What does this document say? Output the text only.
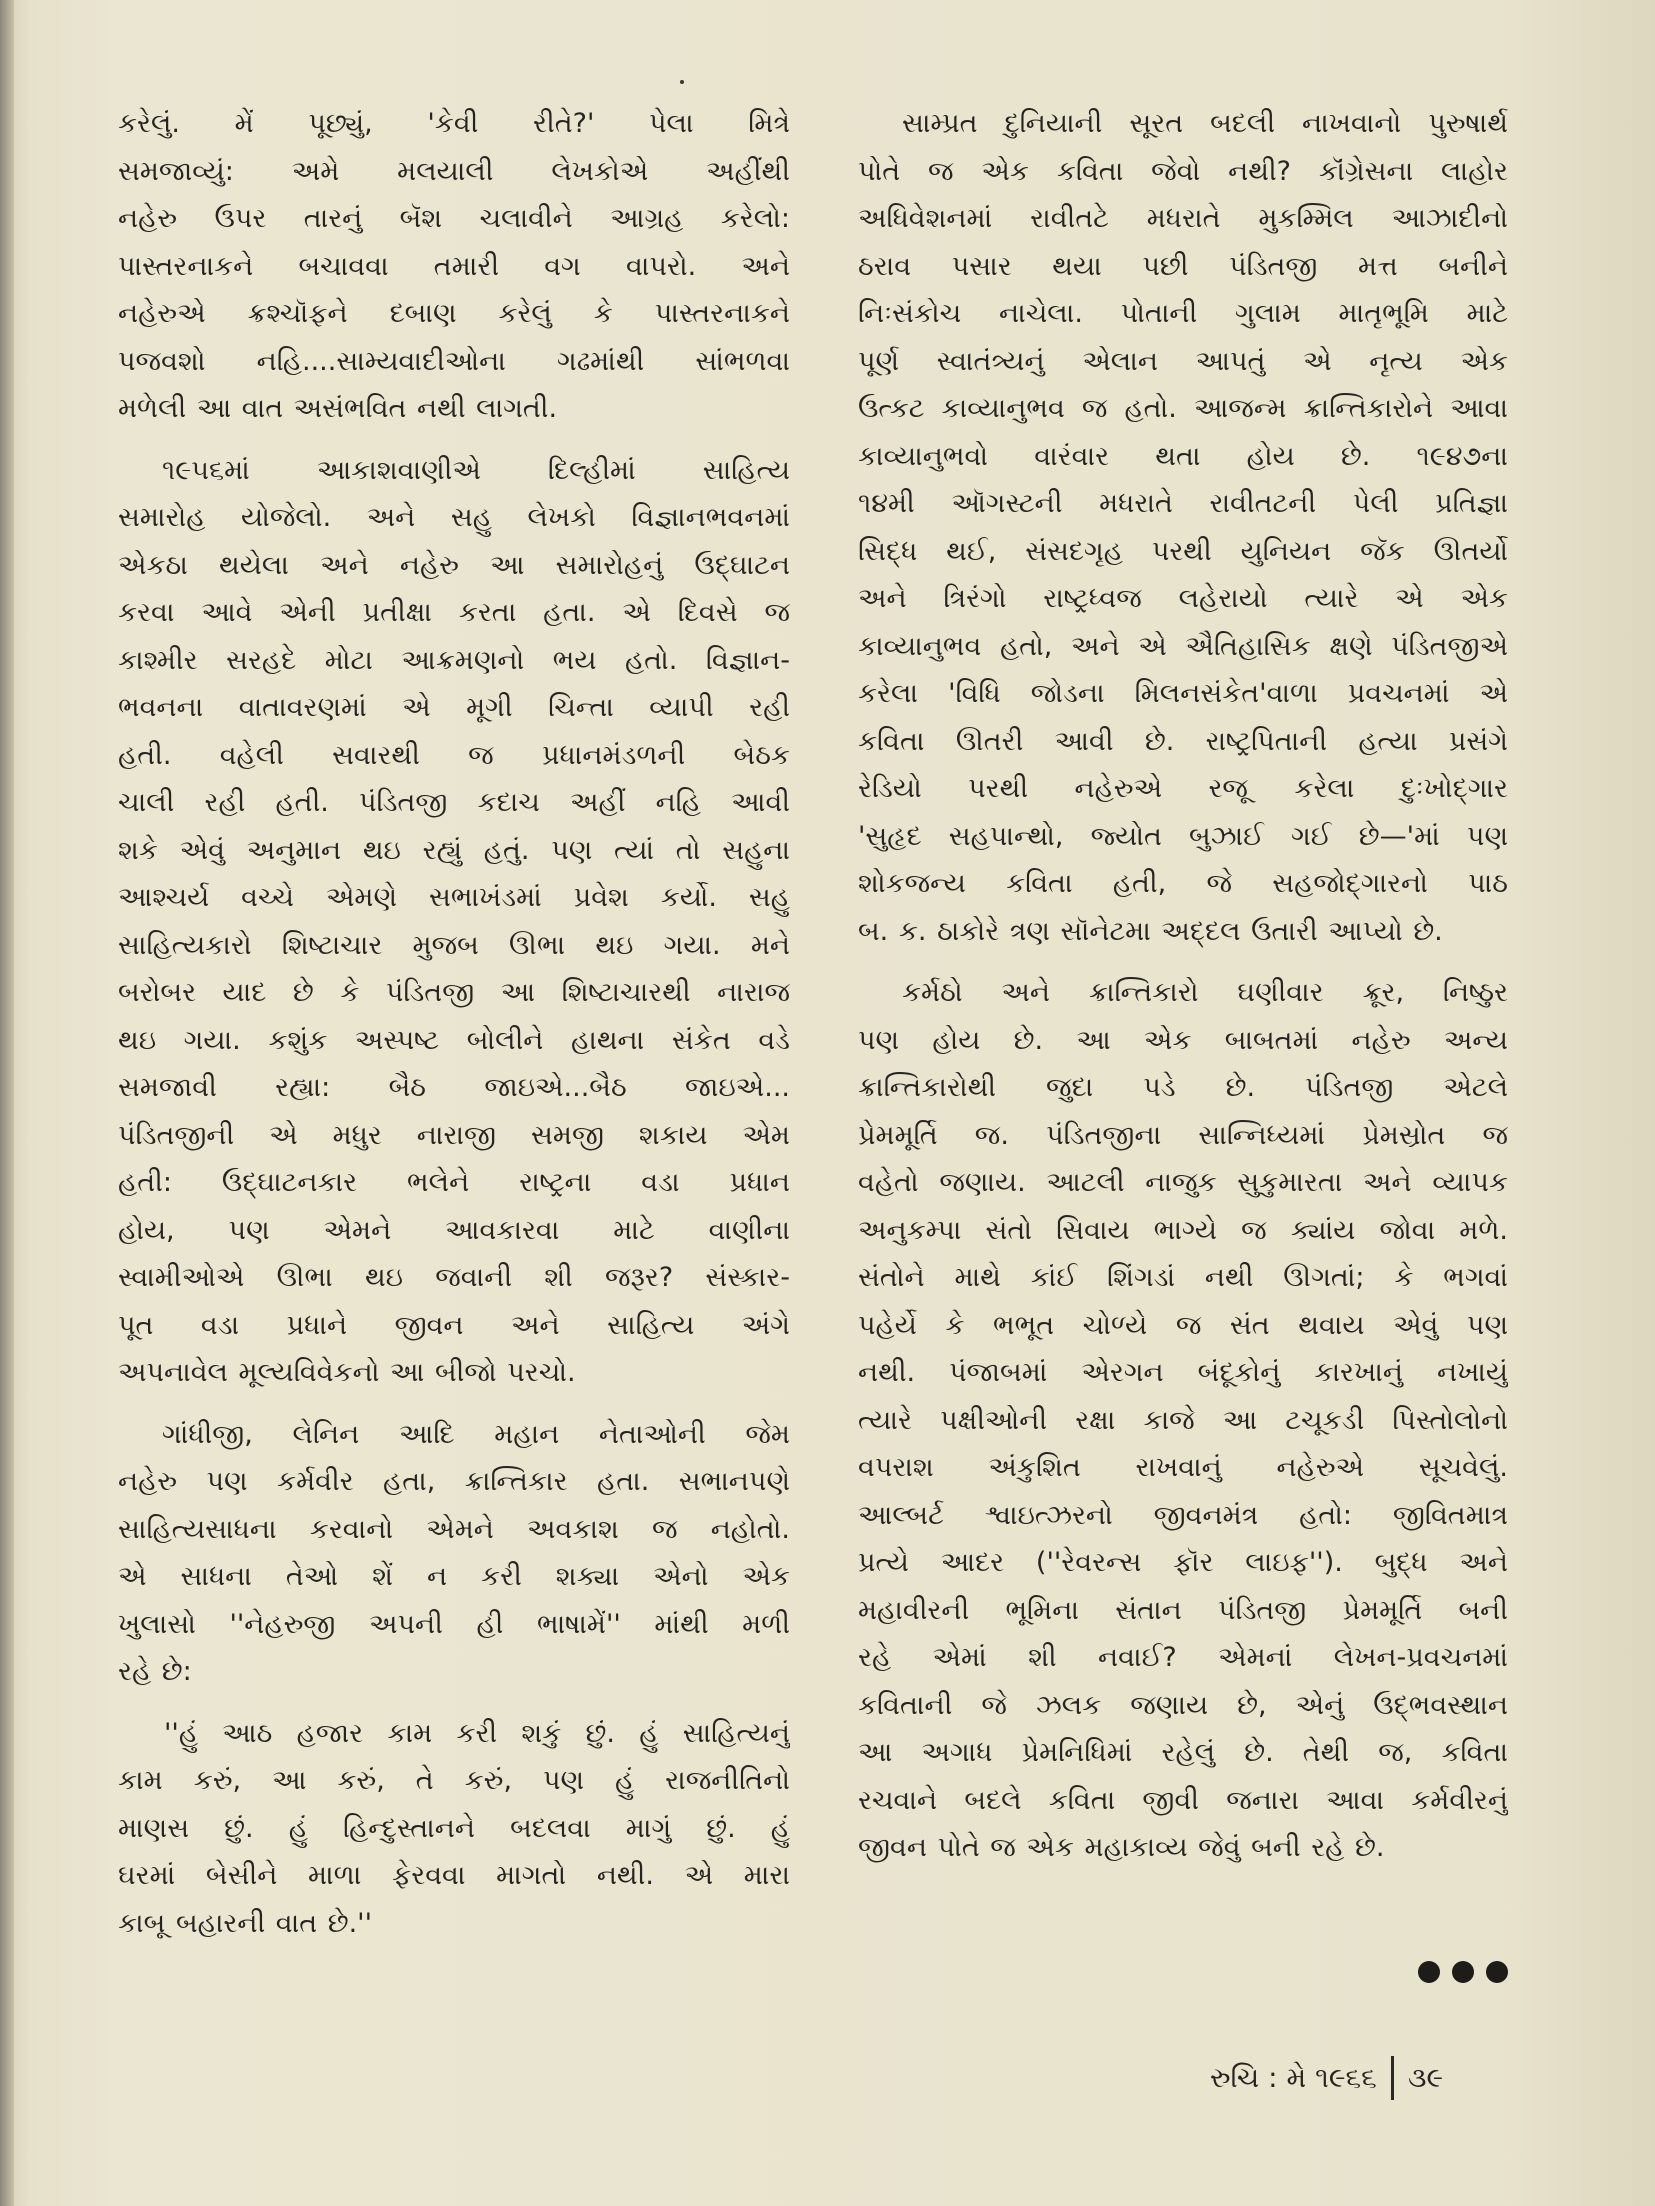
કરેલું. મેં પૂછ્યું, 'કેવી રીતે?' પેલા મિત્રે
સમજાવ્યું: અમે મલયાલી લેખકોએ અહીંથી
નહેરુ ઉપર તારનું બૅશ ચલાવીને આગ્રહ કરેલો:
પાસ્તરનાકને બચાવવા તમારી વગ વાપરો. અને
નહેરુએ ક્રશ્ચૉફને દબાણ કરેલું કે પાસ્તરનાકને
પજવશો નહિ....સામ્યવાદીઓના ગઢમાંથી સાંભળવા
મળેલી આ વાત અસંભવિત નથી લાગતી.
૧૯૫૬માં આકાશવાણીએ દિલ્હીમાં સાહિત્ય
સમારોહ યોજેલો. અને સહુ લેખકો વિજ્ઞાનભવનમાં
એકઠા થયેલા અને નહેરુ આ સમારોહનું ઉદ્ઘાટન
કરવા આવે એની પ્રતીક્ષા કરતા હતા. એ દિવસે જ
કાશ્મીર સરહદે મોટા આક્રમણનો ભય હતો. વિજ્ઞાન-
ભવનના વાતાવરણમાં એ મૂગી ચિન્તા વ્યાપી રહી
હતી. વહેલી સવારથી જ પ્રધાનમંડળની બેઠક
ચાલી રહી હતી. પંડિતજી કદાચ અહીં નહિ આવી
શકે એવું અનુમાન થઇ રહ્યું હતું. પણ ત્યાં તો સહુના
આશ્ચર્ય વચ્ચે એમણે સભાખંડમાં પ્રવેશ કર્યો. સહુ
સાહિત્યકારો શિષ્ટાચાર મુજબ ઊભા થઇ ગયા. મને
બરોબર યાદ છે કે પંડિતજી આ શિષ્ટાચારથી નારાજ
થઇ ગયા. કશુંક અસ્પષ્ટ બોલીને હાથના સંકેત વડે
સમજાવી રહ્યા: બૈઠ જાઇએ...બૈઠ જાઇએ...
પંડિતજીની એ મધુર નારાજી સમજી શકાય એમ
હતી: ઉદ્ઘાટનકાર ભલેને રાષ્ટ્રના વડા પ્રધાન
હોય, પણ એમને આવકારવા માટે વાણીના
સ્વામીઓએ ઊભા થઇ જવાની શી જરૂર? સંસ્કાર-
પૂત વડા પ્રધાને જીવન અને સાહિત્ય અંગે
અપનાવેલ મૂલ્યવિવેકનો આ બીજો પરચો.
ગાંધીજી, લેનિન આદિ મહાન નેતાઓની જેમ
નહેરુ પણ કર્મવીર હતા, ક્રાન્તિકાર હતા. સભાનપણે
સાહિત્યસાધના કરવાનો એમને અવકાશ જ નહોતો.
એ સાધના તેઓ શેં ન કરી શક્યા એનો એક
ખુલાસો ''નેહરુજી અપની હી ભાષામેં'' માંથી મળી
રહે છે:
''હું આઠ હજાર કામ કરી શકું છું. હું સાહિત્યનું
કામ કરું, આ કરું, તે કરું, પણ હું રાજનીતિનો
માણસ છું. હું હિન્દુસ્તાનને બદલવા માગું છું. હું
ઘરમાં બેસીને માળા ફેરવવા માગતો નથી. એ મારા
કાબૂ બહારની વાત છે.''
સામ્પ્રત દુનિયાની સૂરત બદલી નાખવાનો પુરુષાર્થ
પોતે જ એક કવિતા જેવો નથી? કૉંગ્રેસના લાહોર
અધિવેશનમાં રાવીતટે મધરાતે મુકમ્મિલ આઝાદીનો
ઠરાવ પસાર થયા પછી પંડિતજી મત્ત બનીને
નિઃસંકોચ નાચેલા. પોતાની ગુલામ માતૃભૂમિ માટે
પૂર્ણ સ્વાતંત્ર્યનું એલાન આપતું એ નૃત્ય એક
ઉત્કટ કાવ્યાનુભવ જ હતો. આજન્મ ક્રાન્તિકારોને આવા
કાવ્યાનુભવો વારંવાર થતા હોય છે. ૧૯૪૭ના
૧૪મી ઑગસ્ટની મધરાતે રાવીતટની પેલી પ્રતિજ્ઞા
સિદ્ધ થઈ, સંસદગૃહ પરથી યુનિયન જૅક ઊતર્યો
અને ત્રિરંગો રાષ્ટ્રધ્વજ લહેરાયો ત્યારે એ એક
કાવ્યાનુભવ હતો, અને એ ઐતિહાસિક ક્ષણે પંડિતજીએ
કરેલા 'વિધિ જોડના મિલનસંકેત'વાળા પ્રવચનમાં એ
કવિતા ઊતરી આવી છે. રાષ્ટ્રપિતાની હત્યા પ્રસંગે
રેડિયો પરથી નહેરુએ રજૂ કરેલા દુઃખોદ્ગાર
'સુહૃદ સહપાન્થો, જ્યોત બુઝાઈ ગઈ છે—'માં પણ
શોકજન્ય કવિતા હતી, જે સહજોદ્ગારનો પાઠ
બ. ક. ઠાકોરે ત્રણ સૉનેટમા અદ્દલ ઉતારી આપ્યો છે.
કર્મઠો અને ક્રાન્તિકારો ઘણીવાર ક્રૂર, નિષ્ઠુર
પણ હોય છે. આ એક બાબતમાં નહેરુ અન્ય
ક્રાન્તિકારોથી જુદા પડે છે. પંડિતજી એટલે
પ્રેમમૂર્તિ જ. પંડિતજીના સાન્નિધ્યમાં પ્રેમસ્રોત જ
વહેતો જણાય. આટલી નાજુક સુકુમારતા અને વ્યાપક
અનુકમ્પા સંતો સિવાય ભાગ્યે જ ક્યાંય જોવા મળે.
સંતોને માથે કાંઈ શિંગડાં નથી ઊગતાં; કે ભગવાં
પહેર્યે કે ભભૂત ચોળ્યે જ સંત થવાય એવું પણ
નથી. પંજાબમાં એરગન બંદૂકોનું કારખાનું નખાયું
ત્યારે પક્ષીઓની રક્ષા કાજે આ ટચૂકડી પિસ્તોલોનો
વપરાશ અંકુશિત રાખવાનું નહેરુએ સૂચવેલું.
આલ્બર્ટ શ્વાઇત્ઝરનો જીવનમંત્ર હતો: જીવિતમાત્ર
પ્રત્યે આદર (''રેવરન્સ ફૉર લાઇફ''). બુદ્ધ અને
મહાવીરની ભૂમિના સંતાન પંડિતજી પ્રેમમૂર્તિ બની
રહે એમાં શી નવાઈ? એમનાં લેખન-પ્રવચનમાં
કવિતાની જે ઝલક જણાય છે, એનું ઉદ્ભવસ્થાન
આ અગાધ પ્રેમનિધિમાં રહેલું છે. તેથી જ, કવિતા
રચવાને બદલે કવિતા જીવી જનારા આવા કર્મવીરનું
જીવન પોતે જ એક મહાકાવ્ય જેવું બની રહે છે.
રુચિ : મે ૧૯૬૬ ૩૯
